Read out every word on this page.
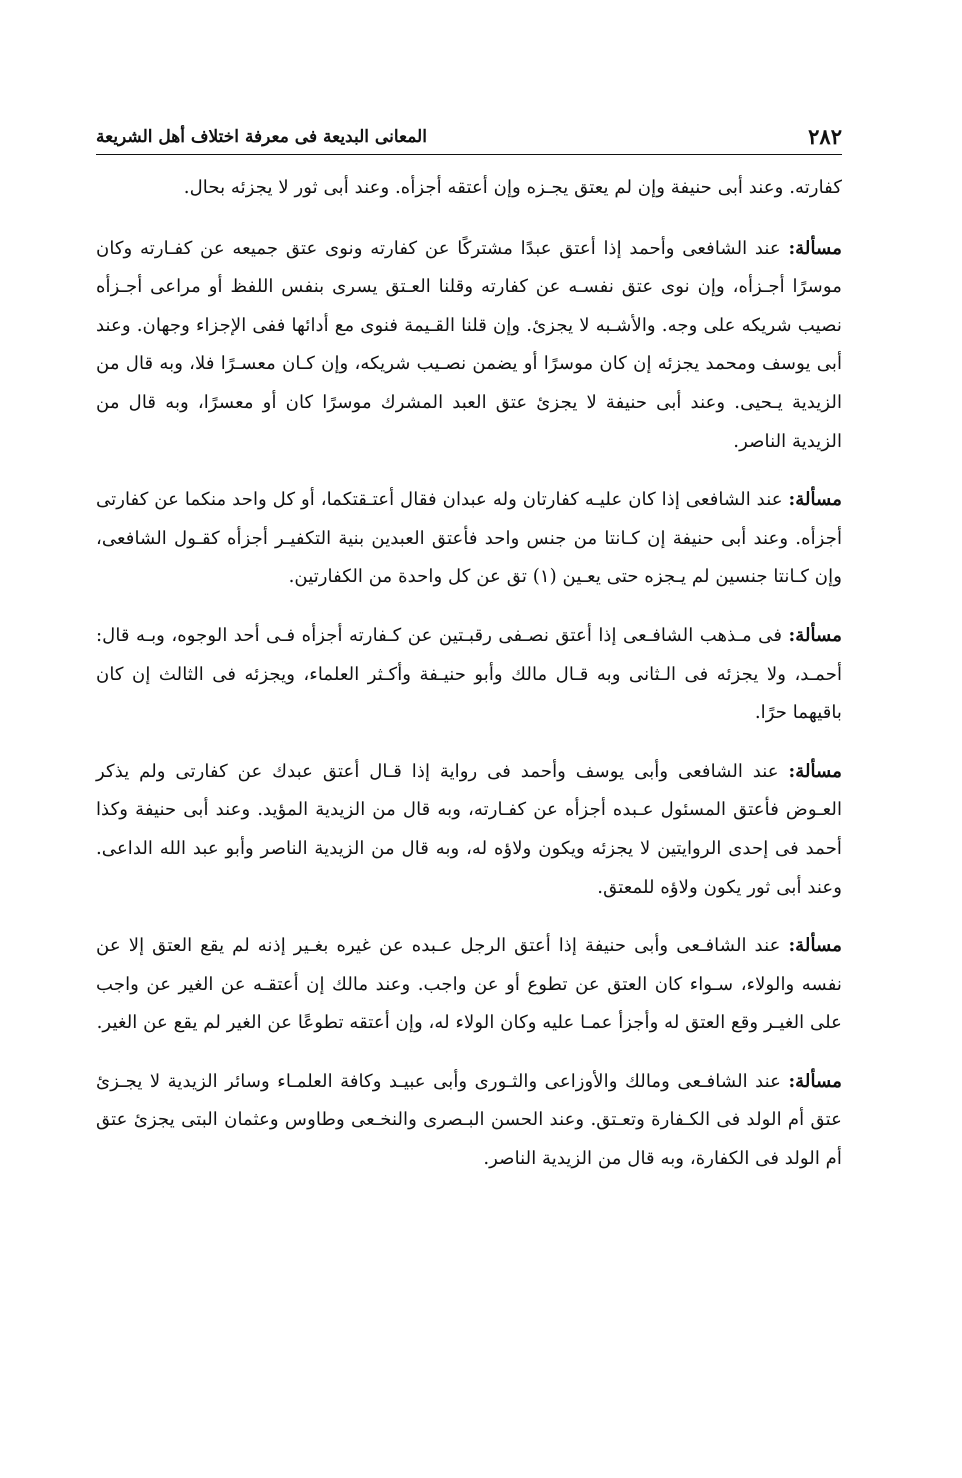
٢٨٢
المعانى البديعة فى معرفة اختلاف أهل الشريعة

كفارته. وعند أبى حنيفة وإن لم يعتق يجـزه وإن أعتقه أجزأه. وعند أبى ثور لا يجزئه بحال.

مسألة: عند الشافعى وأحمد إذا أعتق عبدًا مشتركًا عن كفارته ونوى عتق جميعه عن كفـارته وكان موسرًا أجـزأه، وإن نوى عتق نفسـه عن كفارته وقلنا العـتق يسرى بنفس اللفظ أو مراعى أجـزأه نصيب شريكه على وجه. والأشـبه لا يجزئ. وإن قلنا القـيمة فنوى مع أدائها ففى الإجزاء وجهان. وعند أبى يوسف ومحمد يجزئه إن كان موسرًا أو يضمن نصـيب شريكه، وإن كـان معسـرًا فلا، وبه قال من الزيدية يـحيى. وعند أبى حنيفة لا يجزئ عتق العبد المشرك موسرًا كان أو معسرًا، وبه قال من الزيدية الناصر.

مسألة: عند الشافعى إذا كان عليـه كفارتان وله عبدان فقال أعتـقتكما، أو كل واحد منكما عن كفارتى أجزأه. وعند أبى حنيفة إن كـانتا من جنس واحد فأعتق العبدين بنية التكفيـر أجزأه كقـول الشافعى، وإن كـانتا جنسين لم يـجزه حتى يعـين (١) تق عن كل واحدة من الكفارتين.

مسألة: فى مـذهب الشافـعى إذا أعتق نصـفى رقبـتين عن كـفارته أجزأه فـى أحد الوجوه، وبـه قال: أحمـد، ولا يجزئه فى الـثانى وبه قـال مالك وأبو حنيـفة وأكـثر العلماء، ويجزئه فى الثالث إن كان باقيهما حرًا.

مسألة: عند الشافعى وأبى يوسف وأحمد فى رواية إذا قـال أعتق عبدك عن كفارتى ولم يذكر العـوض فأعتق المسئول عـبده أجزأه عن كفـارته، وبه قال من الزيدية المؤيد. وعند أبى حنيفة وكذا أحمد فى إحدى الروايتين لا يجزئه ويكون ولاؤه له، وبه قال من الزيدية الناصر وأبو عبد الله الداعى. وعند أبى ثور يكون ولاؤه للمعتق.

مسألة: عند الشافـعى وأبى حنيفة إذا أعتق الرجل عـبده عن غيره بغـير إذنه لم يقع العتق إلا عن نفسه والولاء، سـواء كان العتق عن تطوع أو عن واجب. وعند مالك إن أعتقـه عن الغير عن واجب على الغيـر وقع العتق له وأجزأ عمـا عليه وكان الولاء له، وإن أعتقه تطوعًا عن الغير لم يقع عن الغير.

مسألة: عند الشافـعى ومالك والأوزاعى والثـورى وأبى عبيـد وكافة العلمـاء وسائر الزيدية لا يجـزئ عتق أم الولد فى الكـفارة وتعـتق. وعند الحسن البـصرى والنخـعى وطاوس وعثمان البتى يجزئ عتق أم الولد فى الكفارة، وبه قال من الزيدية الناصر.
